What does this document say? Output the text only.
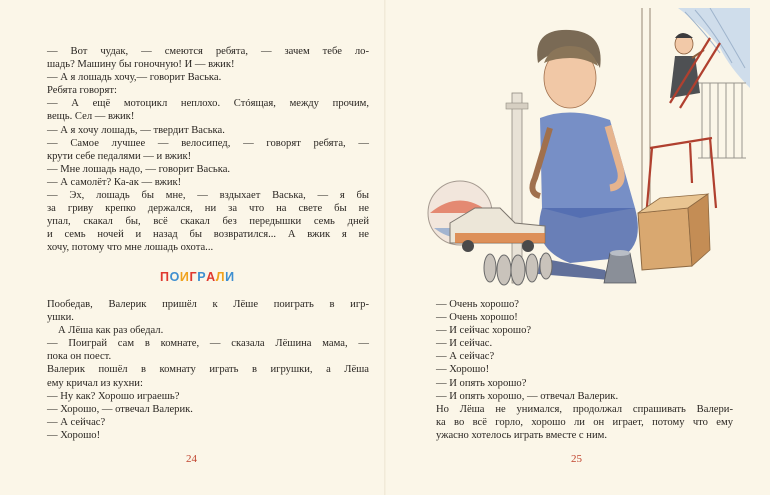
— Вот чудак, — смеются ребята, — зачем тебе ло-

шадь? Машину бы гоночную! И — вжик!

— А я лошадь хочу,— говорит Васька.

Ребята говорят:

— А ещё мотоцикл неплохо. Стóящая, между прочим,

вещь. Сел — вжик!

— А я хочу лошадь, — твердит Васька.

— Самое лучшее — велосипед, — говорят ребята, —

крути себе педалями — и вжик!

— Мне лошадь надо, — говорит Васька.

— А самолёт? Ка-ак — вжик!

— Эх, лошадь бы мне, — вздыхает Васька, — я бы

за гриву крепко держался, ни за что на свете бы не

упал, скакал бы, всё скакал без передышки семь дней

и семь ночей и назад бы возвратился... А вжик я не

хочу, потому что мне лошадь охота...

ПОИГРАЛИ

Пообедав, Валерик пришёл к Лёше поиграть в игр-

ушки.

А Лёша как раз обедал.

— Поиграй сам в комнате, — сказала Лёшина мама, —

пока он поест.

Валерик пошёл в комнату играть в игрушки, а Лёша

ему кричал из кухни:

— Ну как? Хорошо играешь?

— Хорошо, — отвечал Валерик.

— А сейчас?

— Хорошо!

24

— Очень хорошо?

— Очень хорошо!

— И сейчас хорошо?

— И сейчас.

— А сейчас?

— Хорошо!

— И опять хорошо?

— И опять хорошо, — отвечал Валерик.

Но Лёша не унимался, продолжал спрашивать Валери-

ка во всё горло, хорошо ли он играет, потому что ему

ужасно хотелось играть вместе с ним.

25
